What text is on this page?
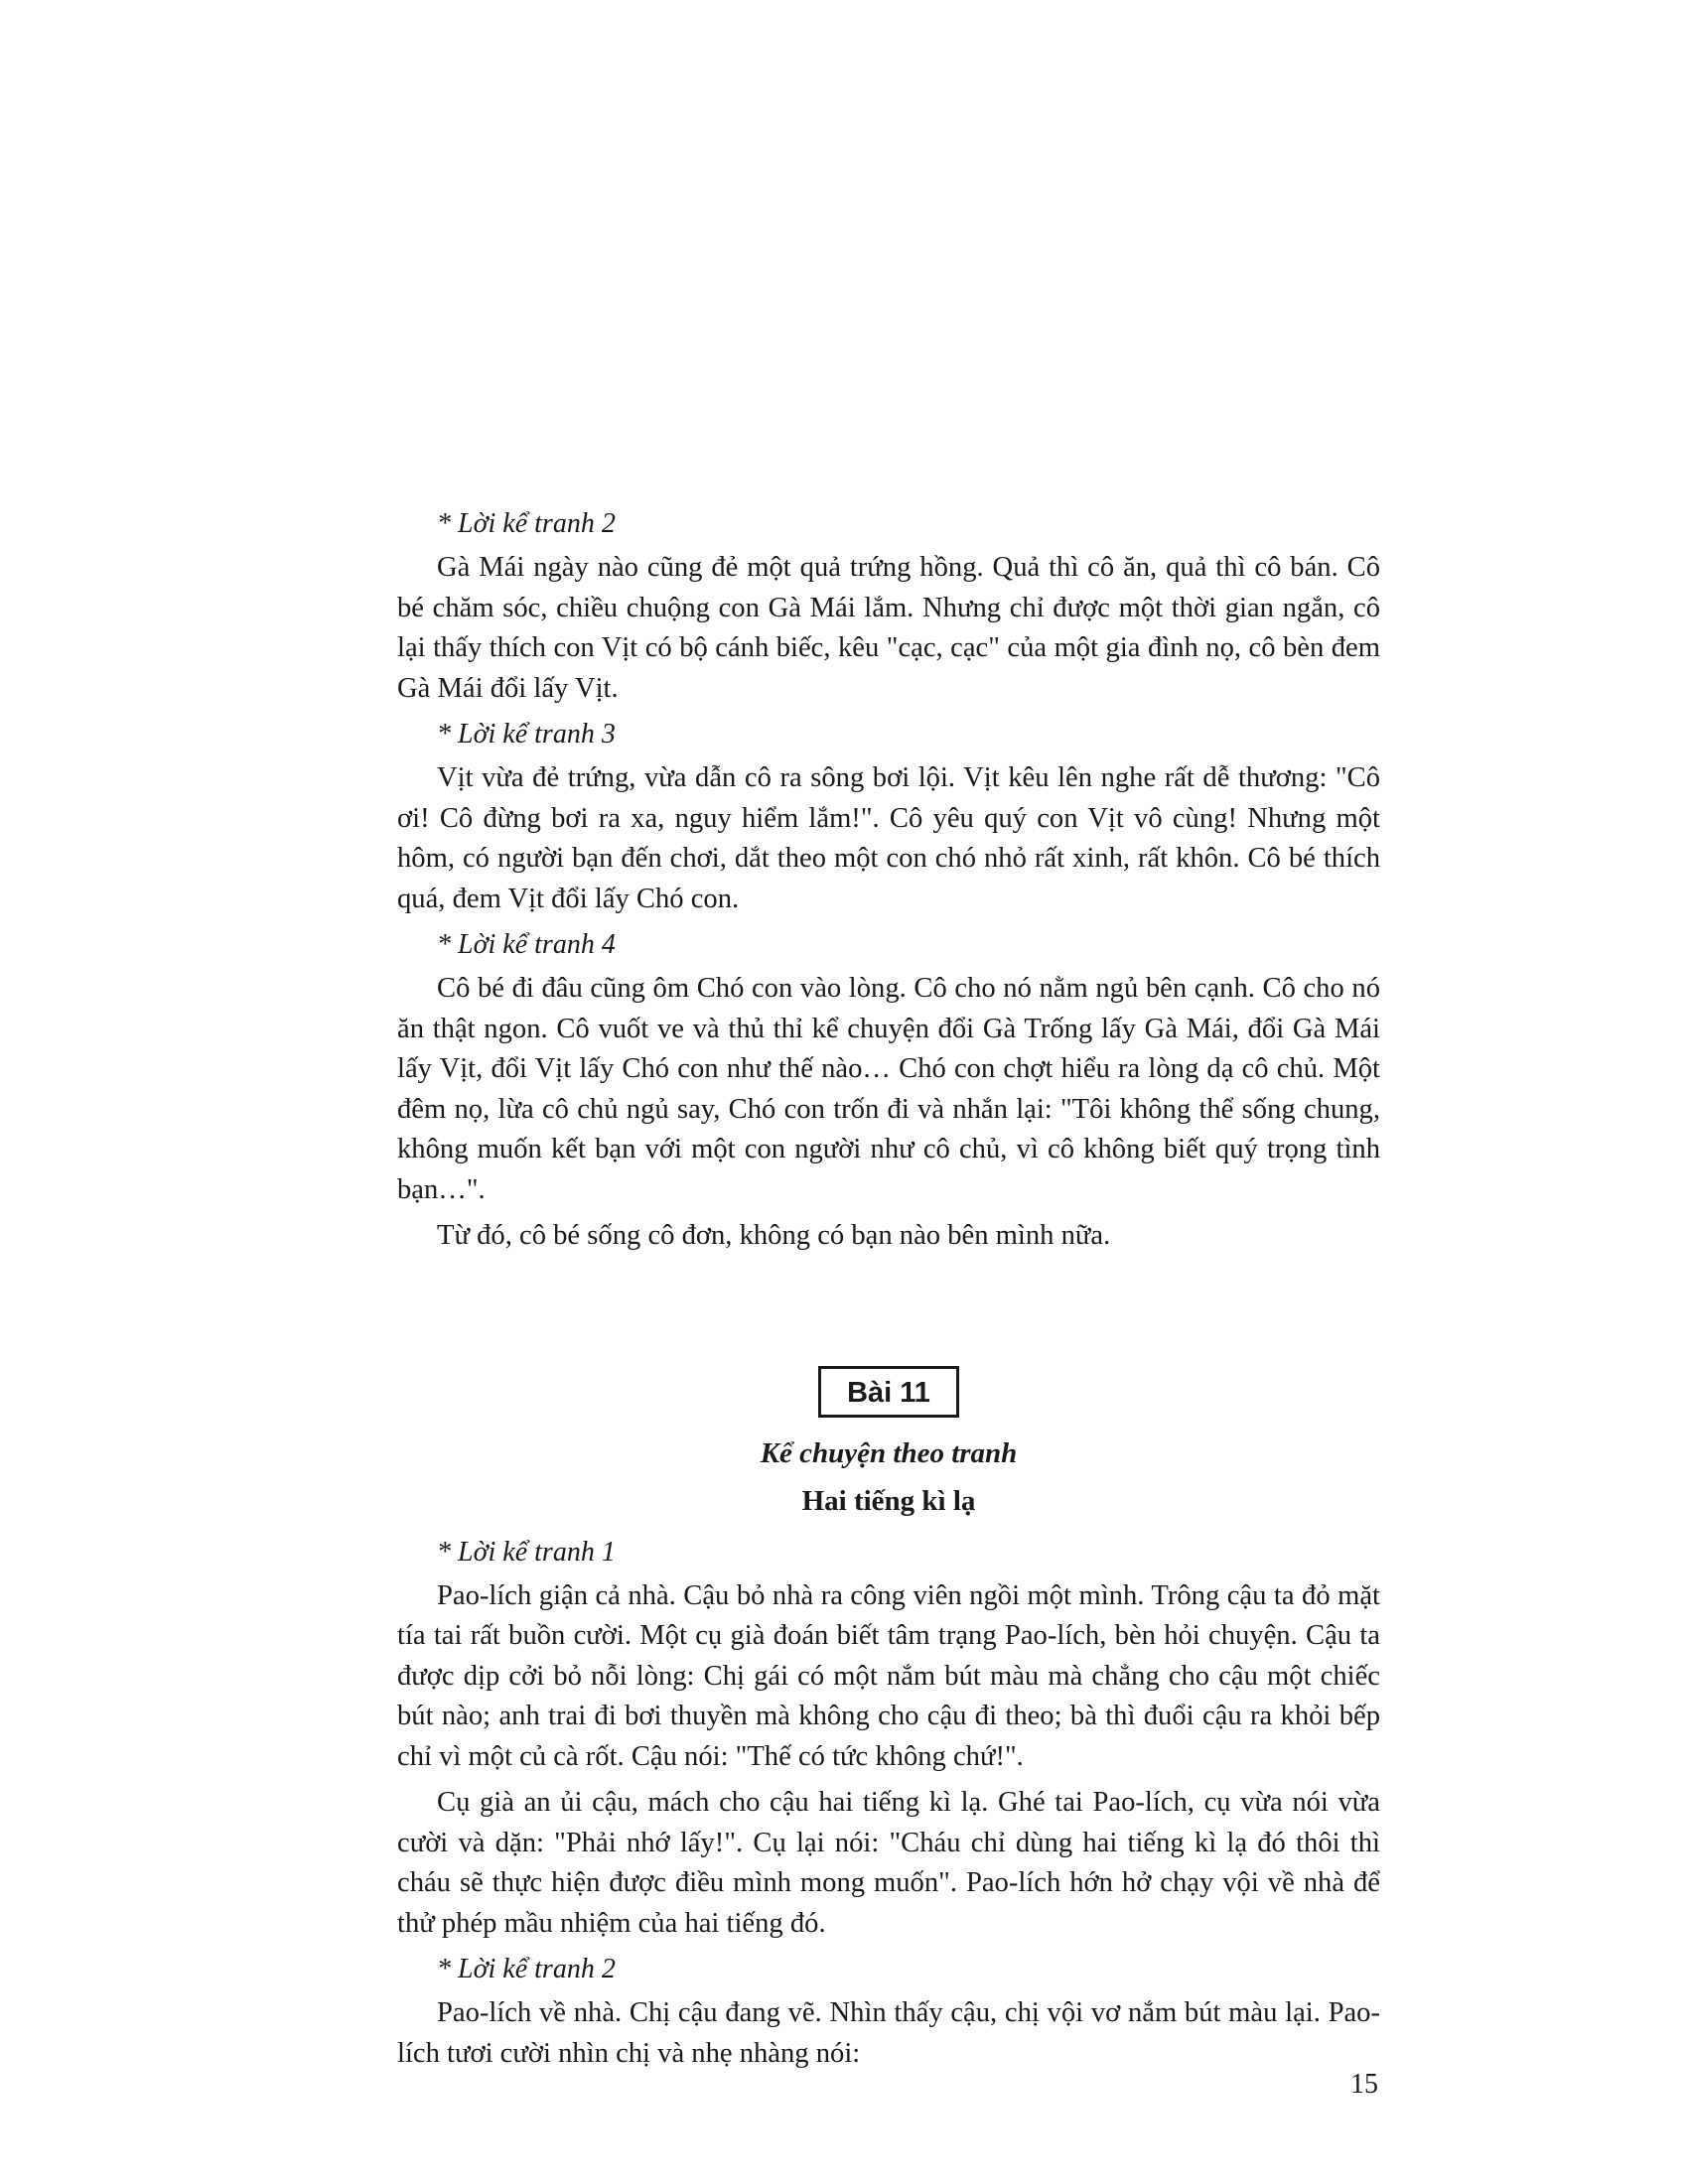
* Lời kể tranh 2

Gà Mái ngày nào cũng đẻ một quả trứng hồng. Quả thì cô ăn, quả thì cô bán. Cô bé chăm sóc, chiều chuộng con Gà Mái lắm. Nhưng chỉ được một thời gian ngắn, cô lại thấy thích con Vịt có bộ cánh biếc, kêu "cạc, cạc" của một gia đình nọ, cô bèn đem Gà Mái đổi lấy Vịt.

* Lời kể tranh 3

Vịt vừa đẻ trứng, vừa dẫn cô ra sông bơi lội. Vịt kêu lên nghe rất dễ thương: "Cô ơi! Cô đừng bơi ra xa, nguy hiểm lắm!". Cô yêu quý con Vịt vô cùng! Nhưng một hôm, có người bạn đến chơi, dắt theo một con chó nhỏ rất xinh, rất khôn. Cô bé thích quá, đem Vịt đổi lấy Chó con.

* Lời kể tranh 4

Cô bé đi đâu cũng ôm Chó con vào lòng. Cô cho nó nằm ngủ bên cạnh. Cô cho nó ăn thật ngon. Cô vuốt ve và thủ thỉ kể chuyện đổi Gà Trống lấy Gà Mái, đổi Gà Mái lấy Vịt, đổi Vịt lấy Chó con như thế nào… Chó con chợt hiểu ra lòng dạ cô chủ. Một đêm nọ, lừa cô chủ ngủ say, Chó con trốn đi và nhắn lại: "Tôi không thể sống chung, không muốn kết bạn với một con người như cô chủ, vì cô không biết quý trọng tình bạn…".

Từ đó, cô bé sống cô đơn, không có bạn nào bên mình nữa.

Bài 11

Kể chuyện theo tranh

Hai tiếng kì lạ

* Lời kể tranh 1

Pao-lích giận cả nhà. Cậu bỏ nhà ra công viên ngồi một mình. Trông cậu ta đỏ mặt tía tai rất buồn cười. Một cụ già đoán biết tâm trạng Pao-lích, bèn hỏi chuyện. Cậu ta được dịp cởi bỏ nỗi lòng: Chị gái có một nắm bút màu mà chẳng cho cậu một chiếc bút nào; anh trai đi bơi thuyền mà không cho cậu đi theo; bà thì đuổi cậu ra khỏi bếp chỉ vì một củ cà rốt. Cậu nói: "Thế có tức không chứ!".

Cụ già an ủi cậu, mách cho cậu hai tiếng kì lạ. Ghé tai Pao-lích, cụ vừa nói vừa cười và dặn: "Phải nhớ lấy!". Cụ lại nói: "Cháu chỉ dùng hai tiếng kì lạ đó thôi thì cháu sẽ thực hiện được điều mình mong muốn". Pao-lích hớn hở chạy vội về nhà để thử phép mầu nhiệm của hai tiếng đó.

* Lời kể tranh 2

Pao-lích về nhà. Chị cậu đang vẽ. Nhìn thấy cậu, chị vội vơ nắm bút màu lại. Pao-lích tươi cười nhìn chị và nhẹ nhàng nói:

15
